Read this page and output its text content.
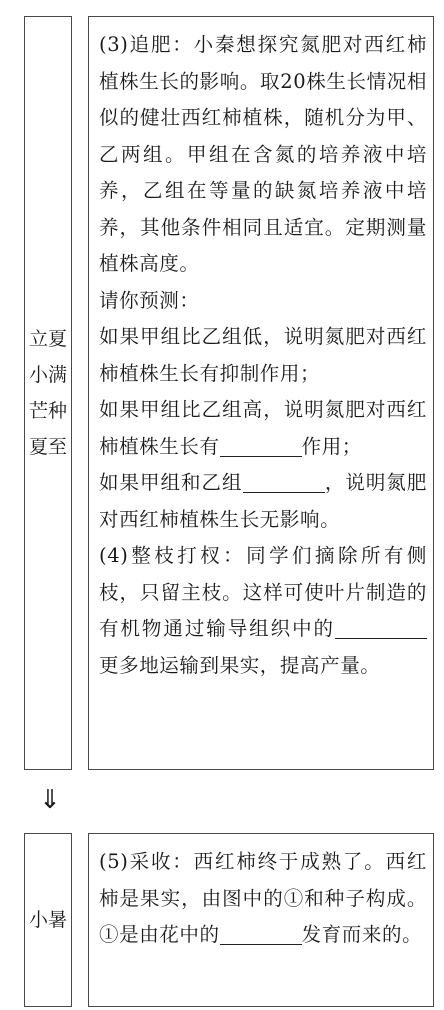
立夏
小满
芒种
夏至

(3)追肥：小秦想探究氮肥对西红柿植株生长的影响。取20株生长情况相似的健壮西红柿植株，随机分为甲、乙两组。甲组在含氮的培养液中培养，乙组在等量的缺氮培养液中培养，其他条件相同且适宜。定期测量植株高度。

请你预测：

如果甲组比乙组低，说明氮肥对西红柿植株生长有抑制作用；

如果甲组比乙组高，说明氮肥对西红柿植株生长有	作用；

如果甲组和乙组	，说明氮肥对西红柿植株生长无影响。

(4)整枝打杈：同学们摘除所有侧枝，只留主枝。这样可使叶片制造的有机物通过输导组织中的 更多地运输到果实，提高产量。

⇓
小暑

(5)采收：西红柿终于成熟了。西红柿是果实，由图中的①和种子构成。①是由花中的	发育而来的。
